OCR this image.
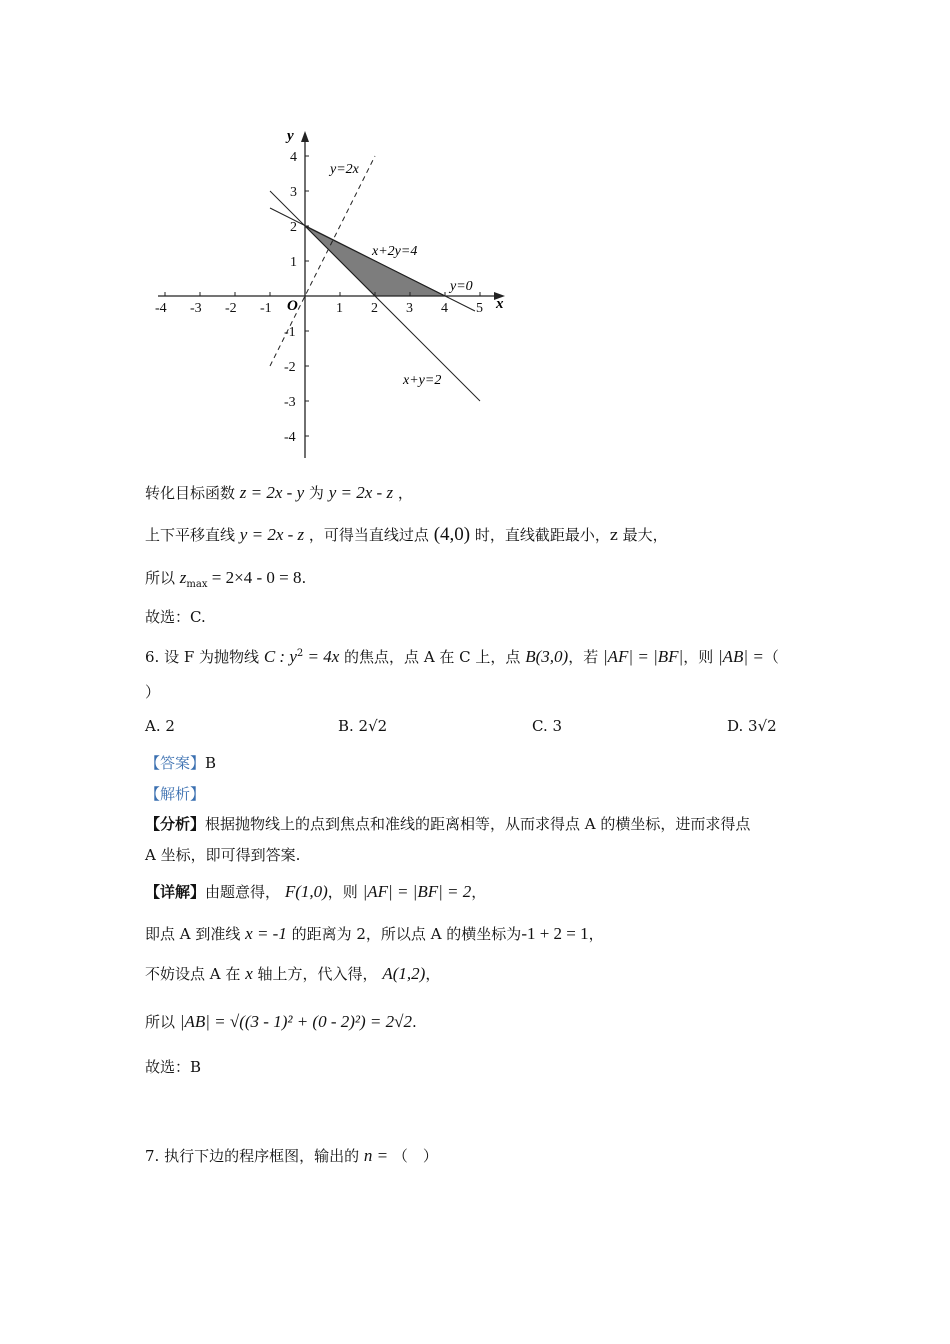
-4 -3 -2 -1	1 2 3 4 5
4
3
2
1
-1
-2
-3
-4
x
y
O
y=2x
x+2y=4
y=0
x+y=2
转化目标函数 z = 2x - y 为 y = 2x - z ，
上下平移直线 y = 2x - z ，可得当直线过点 (4,0) 时，直线截距最小，z 最大，
所以 $z_{max} = 2\times 4 - 0 = 8$.
故选：C.
6. 设 F 为抛物线 C : $y^2 = 4x$ 的焦点，点 A 在 C 上，点 B(3,0)，若 |AF| = |BF|，则 |AB| =（
）
A. 2	B. 2√2	C. 3	D. 3√2
【答案】B
【解析】
【分析】根据抛物线上的点到焦点和准线的距离相等，从而求得点 A 的横坐标，进而求得点
A 坐标，即可得到答案.
【详解】由题意得， F(1,0)，则 |AF| = |BF| = 2，
即点 A 到准线 x = -1 的距离为 2，所以点 A 的横坐标为-1 + 2 = 1，
不妨设点 A 在 x 轴上方，代入得， A(1,2)，
所以 |AB| = √((3 - 1)² + (0 - 2)²) = 2√2.
故选：B
7. 执行下边的程序框图，输出的 n = （　）
